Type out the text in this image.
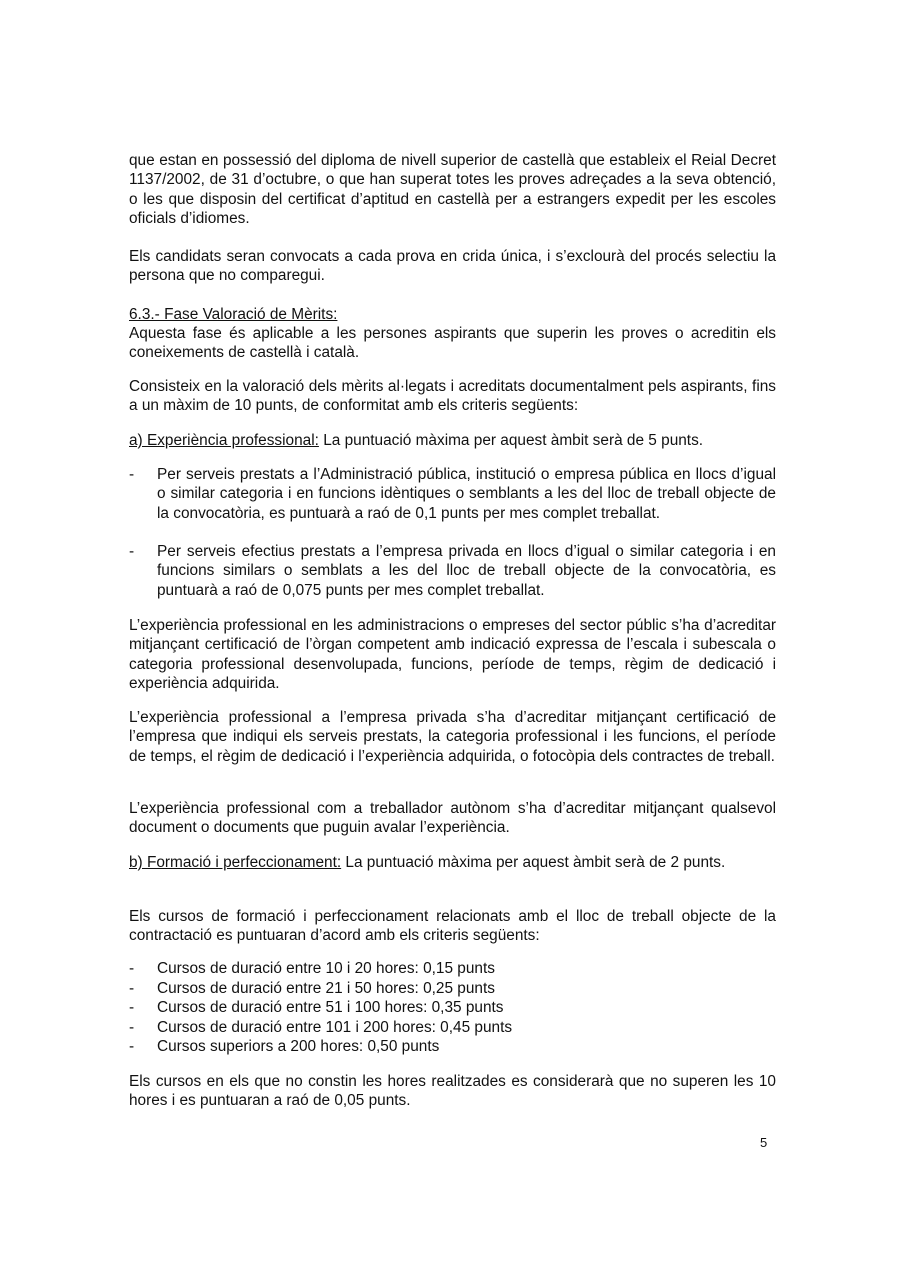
que estan en possessió del diploma de nivell superior de castellà que estableix el Reial Decret 1137/2002, de 31 d’octubre, o que han superat totes les proves adreçades a la seva obtenció, o les que disposin del certificat d’aptitud en castellà per a estrangers expedit per les escoles oficials d’idiomes.

Els candidats seran convocats a cada prova en crida única, i s’exclourà del procés selectiu la persona que no comparegui.

6.3.- Fase Valoració de Mèrits:

Aquesta fase és aplicable a les persones aspirants que superin les proves o acreditin els coneixements de castellà i català.

Consisteix en la valoració dels mèrits al·legats i acreditats documentalment pels aspirants, fins a un màxim de 10 punts, de conformitat amb els criteris següents:

a) Experiència professional: La puntuació màxima per aquest àmbit serà de 5 punts.

- Per serveis prestats a l’Administració pública, institució o empresa pública en llocs d’igual o similar categoria i en funcions idèntiques o semblants a les del lloc de treball objecte de la convocatòria, es puntuarà a raó de 0,1 punts per mes complet treballat.
- Per serveis efectius prestats a l’empresa privada en llocs d’igual o similar categoria i en funcions similars o semblats a les del lloc de treball objecte de la convocatòria, es puntuarà a raó de 0,075 punts per mes complet treballat.

L’experiència professional en les administracions o empreses del sector públic s’ha d’acreditar mitjançant certificació de l’òrgan competent amb indicació expressa de l’escala i subescala o categoria professional desenvolupada, funcions, període de temps, règim de dedicació i experiència adquirida.

L’experiència professional a l’empresa privada s’ha d’acreditar mitjançant certificació de l’empresa que indiqui els serveis prestats, la categoria professional i les funcions, el període de temps, el règim de dedicació i l’experiència adquirida, o fotocòpia dels contractes de treball.

L’experiència professional com a treballador autònom s’ha d’acreditar mitjançant qualsevol document o documents que puguin avalar l’experiència.

b) Formació i perfeccionament: La puntuació màxima per aquest àmbit serà de 2 punts.

Els cursos de formació i perfeccionament relacionats amb el lloc de treball objecte de la contractació es puntuaran d’acord amb els criteris següents:

- Cursos de duració entre 10 i 20 hores: 0,15 punts
- Cursos de duració entre 21 i 50 hores: 0,25 punts
- Cursos de duració entre 51 i 100 hores: 0,35 punts
- Cursos de duració entre 101 i 200 hores: 0,45 punts
- Cursos superiors a 200 hores: 0,50 punts

Els cursos en els que no constin les hores realitzades es considerarà que no superen les 10 hores i es puntuaran a raó de 0,05 punts.

5
